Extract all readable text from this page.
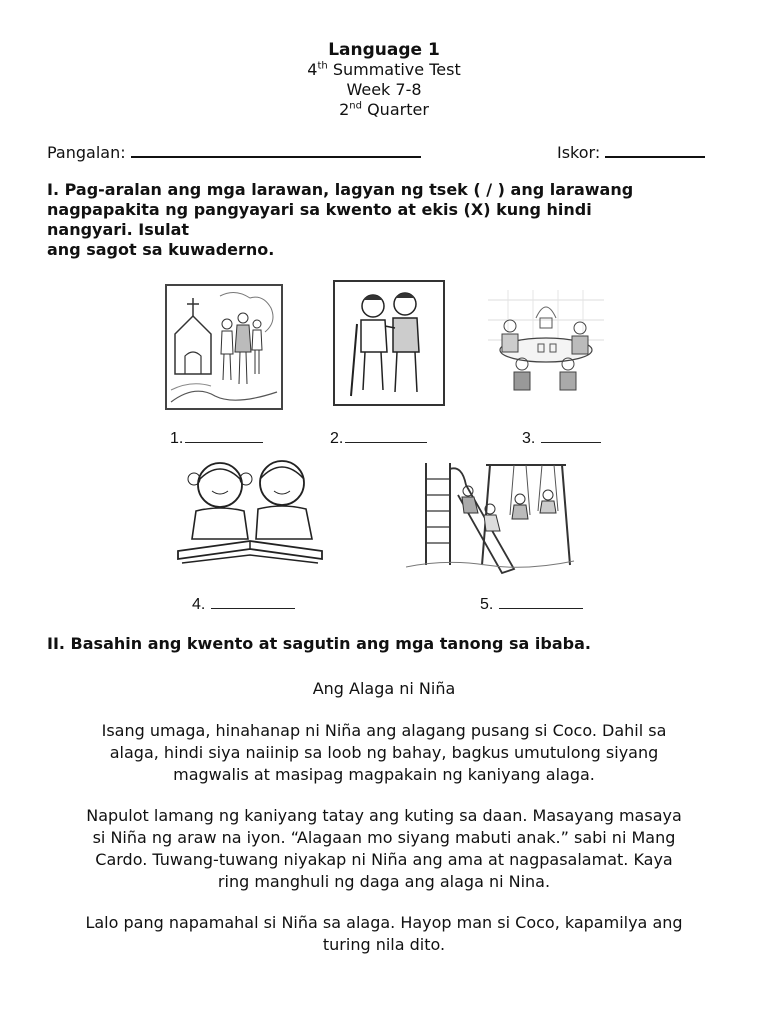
Language 1
4th Summative Test
Week 7-8
2nd Quarter
Pangalan:	Iskor:
I. Pag-aralan ang mga larawan, lagyan ng tsek ( / ) ang larawang
nagpapakita ng pangyayari sa kwento at ekis (X) kung hindi
nangyari. Isulat
ang sagot sa kuwaderno.
1.	2.	3.
4.	5.
II. Basahin ang kwento at sagutin ang mga tanong sa ibaba.
Ang Alaga ni Niña
Isang umaga, hinahanap ni Niña ang alagang pusang si Coco. Dahil sa
alaga, hindi siya naiinip sa loob ng bahay, bagkus umutulong siyang
magwalis at masipag magpakain ng kaniyang alaga.
Napulot lamang ng kaniyang tatay ang kuting sa daan. Masayang masaya
si Niña ng araw na iyon. “Alagaan mo siyang mabuti anak.” sabi ni Mang
Cardo. Tuwang-tuwang niyakap ni Niña ang ama at nagpasalamat. Kaya
ring manghuli ng daga ang alaga ni Nina.
Lalo pang napamahal si Niña sa alaga. Hayop man si Coco, kapamilya ang
turing nila dito.
